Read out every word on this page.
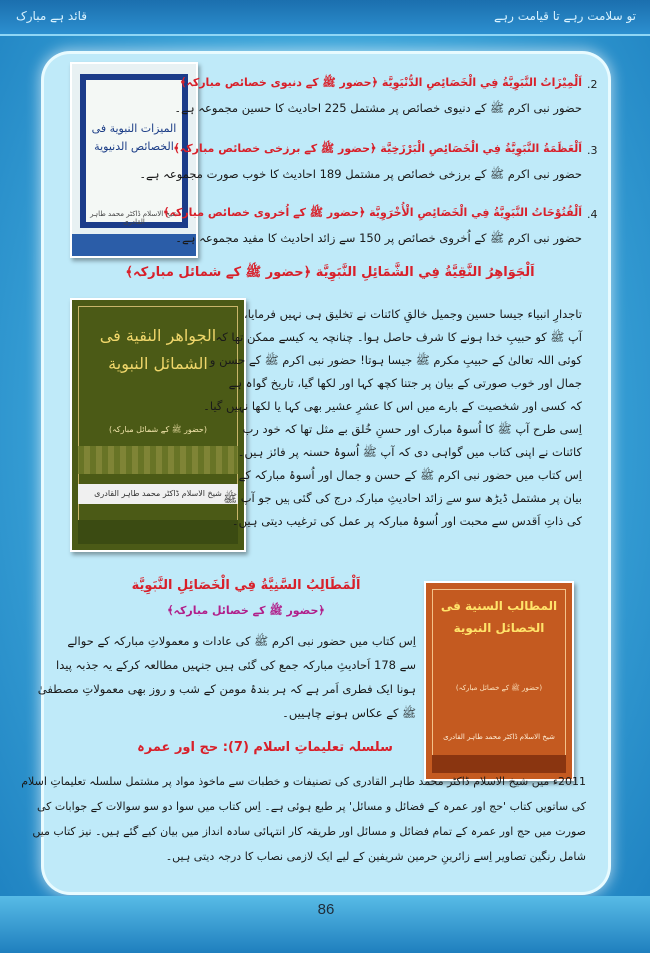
تو سلامت رہے تا قیامت رہے
قائد ہے مبارک
المیزات النبویة فی الخصائص الدنیویة
شیخ الاسلام ڈاکٹر محمد طاہر القادری
.2
اَلْمِيْزَاتُ النَّبَوِيَّةُ فِي الْخَصَائِصِ الدُّنْيَوِيَّة ﴿حضور ﷺ کے دنیوی خصائص مبارکہ﴾
حضور نبی اکرم ﷺ کے دنیوی خصائص پر مشتمل 225 احادیث کا حسین مجموعہ ہے۔
.3
اَلْعَظَمَةُ النَّبَوِيَّةُ فِي الْخَصَائِصِ الْبَرْزَخِيَّة ﴿حضور ﷺ کے برزخی خصائص مبارکہ﴾
حضور نبی اکرم ﷺ کے برزخی خصائص پر مشتمل 189 احادیث کا خوب صورت مجموعہ ہے۔
.4
اَلْفُتُوْحَاتُ النَّبَوِيَّةُ فِي الْخَصَائِصِ الْأُخْرَوِيَّة ﴿حضور ﷺ کے اُخروی خصائص مبارکہ﴾
حضور نبی اکرم ﷺ کے اُخروی خصائص پر 150 سے زائد احادیث کا مفید مجموعہ ہے۔
اَلْجَوَاهِرُ النَّقِيَّةُ فِي الشَّمَائِلِ النَّبَوِيَّة ﴿حضور ﷺ کے شمائل مبارکہ﴾
الجواهر النقية فی الشمائل النبوية
(حضور ﷺ کے شمائل مبارکہ)
شیخ الاسلام ڈاکٹر محمد طاہر القادری
تاجدارِ انبیاء جیسا حسین وجمیل خالقِ کائنات نے تخلیق ہی نہیں فرمایا،
آپ ﷺ کو حبیبِ خدا ہونے کا شرف حاصل ہوا۔ چنانچہ یہ کیسے ممکن تھا کہ
کوئی اللہ تعالیٰ کے حبیبِ مکرم ﷺ جیسا ہوتا! حضور نبی اکرم ﷺ کے حسن و
جمال اور خوب صورتی کے بیان پر جتنا کچھ کہا اور لکھا گیا، تاریخ گواہ ہے
کہ کسی اور شخصیت کے بارے میں اس کا عشرِ عشیر بھی کہا یا لکھا نہیں گیا۔
اِسی طرح آپ ﷺ کا اُسوۂ مبارک اور حسنِ خُلق بے مثل تھا کہ خود رب
کائنات نے اپنی کتاب میں گواہی دی کہ آپ ﷺ اُسوۂ حسنہ پر فائز ہیں۔
اِس کتاب میں حضور نبی اکرم ﷺ کے حسن و جمال اور اُسوۂ مبارکہ کے
بیان پر مشتمل ڈیڑھ سو سے زائد احادیثِ مبارکہ درج کی گئی ہیں جو آپ ﷺ
کی ذاتِ اَقدس سے محبت اور اُسوۂ مبارکہ پر عمل کی ترغیب دیتی ہیں۔
اَلْمَطَالِبُ السَّنِيَّةُ فِي الْخَصَائِلِ النَّبَوِيَّة
﴿حضور ﷺ کے خصائل مبارکہ﴾
اِس کتاب میں حضور نبی اکرم ﷺ کی عادات و معمولاتِ مبارکہ کے حوالے
سے 178 اَحادیثِ مبارکہ جمع کی گئی ہیں جنہیں مطالعہ کرکے یہ جذبہ پیدا
ہونا ایک فطری اَمر ہے کہ ہر بندۂ مومن کے شب و روز بھی معمولاتِ مصطفیٰ
ﷺ کے عکاس ہونے چاہییں۔
المطالب السنية فی الخصائل النبوية
(حضور ﷺ کے خصائل مبارکہ)
شیخ الاسلام ڈاکٹر محمد طاہر القادری
سلسلہ تعلیماتِ اسلام (7): حج اور عمرہ
2011ء میں شیخ الاسلام ڈاکٹر محمد طاہر القادری کی تصنیفات و خطبات سے ماخوذ مواد پر مشتمل سلسلہ تعلیماتِ اسلام
کی ساتویں کتاب 'حج اور عمرہ کے فضائل و مسائل' پر طبع ہوئی ہے۔ اِس کتاب میں سوا دو سو سوالات کے جوابات کی
صورت میں حج اور عمرہ کے تمام فضائل و مسائل اور طریقہ کار انتہائی سادہ انداز میں بیان کیے گئے ہیں۔ نیز کتاب میں
شامل رنگین تصاویر اِسے زائرینِ حرمین شریفین کے لیے ایک لازمی نصاب کا درجہ دیتی ہیں۔
86
